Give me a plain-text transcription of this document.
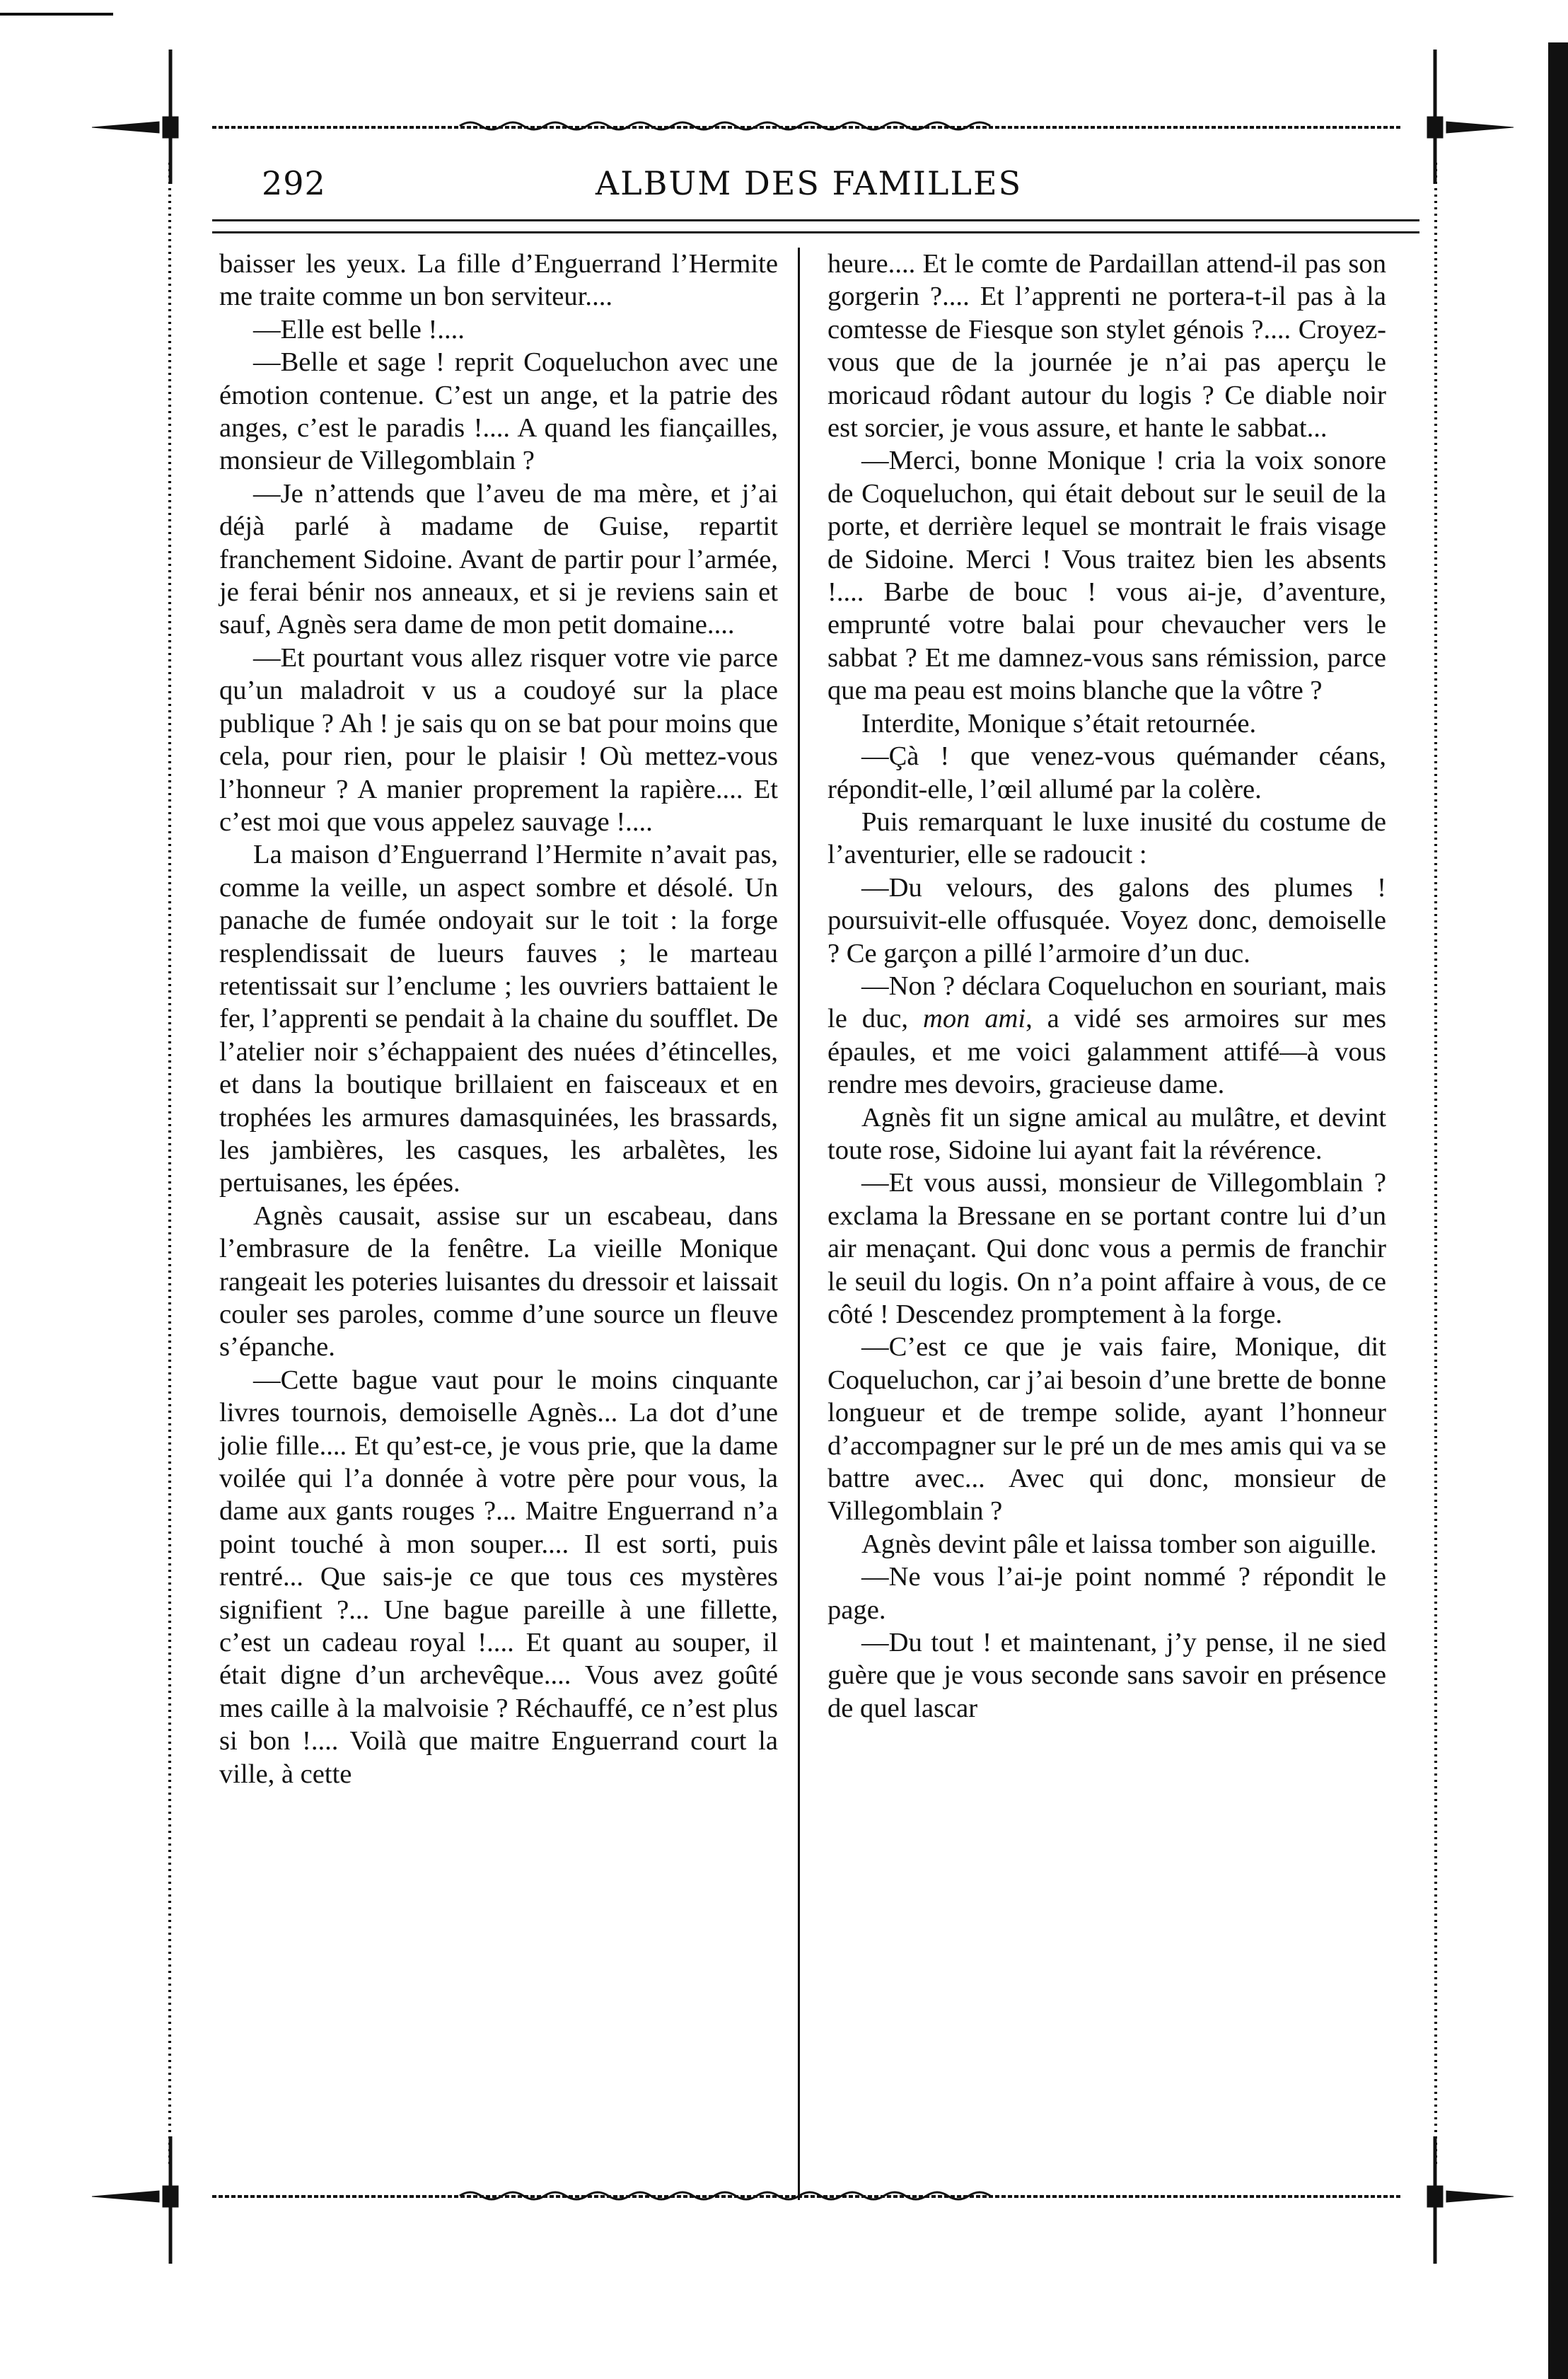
292	ALBUM DES FAMILLES

baisser les yeux. La fille d’Enguerrand l’Hermite me traite comme un bon serviteur....

—Elle est belle !....

—Belle et sage ! reprit Coqueluchon avec une émotion contenue. C’est un ange, et la patrie des anges, c’est le paradis !.... A quand les fiançailles, monsieur de Villegomblain ?

—Je n’attends que l’aveu de ma mère, et j’ai déjà parlé à madame de Guise, repartit franchement Sidoine. Avant de partir pour l’armée, je ferai bénir nos anneaux, et si je reviens sain et sauf, Agnès sera dame de mon petit domaine....

—Et pourtant vous allez risquer votre vie parce qu’un maladroit v us a coudoyé sur la place publique ? Ah ! je sais qu on se bat pour moins que cela, pour rien, pour le plaisir ! Où mettez-vous l’honneur ? A manier proprement la rapière.... Et c’est moi que vous appelez sauvage !....

La maison d’Enguerrand l’Hermite n’avait pas, comme la veille, un aspect sombre et désolé. Un panache de fumée ondoyait sur le toit : la forge resplendissait de lueurs fauves ; le marteau retentissait sur l’enclume ; les ouvriers battaient le fer, l’apprenti se pendait à la chaine du soufflet. De l’atelier noir s’échappaient des nuées d’étincelles, et dans la boutique brillaient en faisceaux et en trophées les armures damasquinées, les brassards, les jambières, les casques, les arbalètes, les pertuisanes, les épées.

Agnès causait, assise sur un escabeau, dans l’embrasure de la fenêtre. La vieille Monique rangeait les poteries luisantes du dressoir et laissait couler ses paroles, comme d’une source un fleuve s’épanche.

—Cette bague vaut pour le moins cinquante livres tournois, demoiselle Agnès... La dot d’une jolie fille.... Et qu’est-ce, je vous prie, que la dame voilée qui l’a donnée à votre père pour vous, la dame aux gants rouges ?... Maitre Enguerrand n’a point touché à mon souper.... Il est sorti, puis rentré... Que sais-je ce que tous ces mystères signifient ?... Une bague pareille à une fillette, c’est un cadeau royal !.... Et quant au souper, il était digne d’un archevêque.... Vous avez goûté mes caille à la malvoisie ? Réchauffé, ce n’est plus si bon !.... Voilà que maitre Enguerrand court la ville, à cette

heure.... Et le comte de Pardaillan attend-il pas son gorgerin ?.... Et l’apprenti ne portera-t-il pas à la comtesse de Fiesque son stylet génois ?.... Croyez-vous que de la journée je n’ai pas aperçu le moricaud rôdant autour du logis ? Ce diable noir est sorcier, je vous assure, et hante le sabbat...

—Merci, bonne Monique ! cria la voix sonore de Coqueluchon, qui était debout sur le seuil de la porte, et derrière lequel se montrait le frais visage de Sidoine. Merci ! Vous traitez bien les absents !.... Barbe de bouc ! vous ai-je, d’aventure, emprunté votre balai pour chevaucher vers le sabbat ? Et me damnez-vous sans rémission, parce que ma peau est moins blanche que la vôtre ?

Interdite, Monique s’était retournée.

—Çà ! que venez-vous quémander céans, répondit-elle, l’œil allumé par la colère.

Puis remarquant le luxe inusité du costume de l’aventurier, elle se radoucit :

—Du velours, des galons des plumes ! poursuivit-elle offusquée. Voyez donc, demoiselle ? Ce garçon a pillé l’armoire d’un duc.

—Non ? déclara Coqueluchon en souriant, mais le duc, mon ami, a vidé ses armoires sur mes épaules, et me voici galamment attifé—à vous rendre mes devoirs, gracieuse dame.

Agnès fit un signe amical au mulâtre, et devint toute rose, Sidoine lui ayant fait la révérence.

—Et vous aussi, monsieur de Villegomblain ? exclama la Bressane en se portant contre lui d’un air menaçant. Qui donc vous a permis de franchir le seuil du logis. On n’a point affaire à vous, de ce côté ! Descendez promptement à la forge.

—C’est ce que je vais faire, Monique, dit Coqueluchon, car j’ai besoin d’une brette de bonne longueur et de trempe solide, ayant l’honneur d’accompagner sur le pré un de mes amis qui va se battre avec... Avec qui donc, monsieur de Villegomblain ?

Agnès devint pâle et laissa tomber son aiguille.

—Ne vous l’ai-je point nommé ? répondit le page.

—Du tout ! et maintenant, j’y pense, il ne sied guère que je vous seconde sans savoir en présence de quel lascar
